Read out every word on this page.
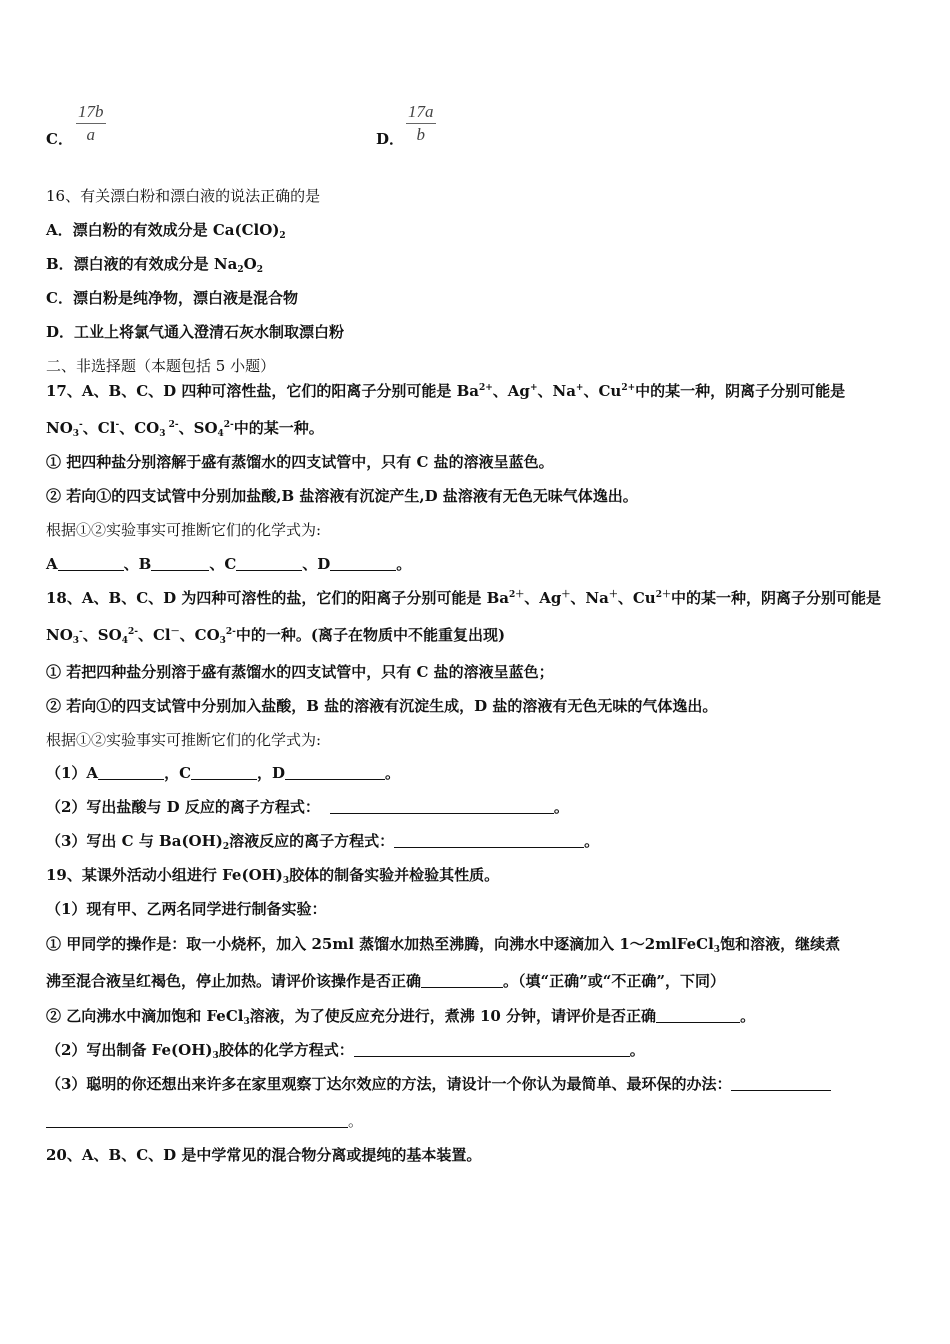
C． $\frac{17b}{a}$	D． $\frac{17a}{b}$
16、有关漂白粉和漂白液的说法正确的是
A．漂白粉的有效成分是 $Ca(ClO)_2$
B．漂白液的有效成分是 $Na_2O_2$
C．漂白粉是纯净物，漂白液是混合物
D．工业上将氯气通入澄清石灰水制取漂白粉
二、非选择题（本题包括 5 小题）
17、A、B、C、D 四种可溶性盐，它们的阳离子分别可能是 $Ba^{2+}$、Ag+、Na+、$Cu^{2+}$中的某一种，阴离子分别可能是
$NO_3^-$、Cl-、$CO_3$ $^{2-}$、$SO_4^{2-}$中的某一种。
① 把四种盐分别溶解于盛有蒸馏水的四支试管中，只有 C 盐的溶液呈蓝色。
② 若向①的四支试管中分别加盐酸,B 盐溶液有沉淀产生,D 盐溶液有无色无味气体逸出。
根据①②实验事实可推断它们的化学式为:
A	、B	、C	、D	。
18、A、B、C、D 为四种可溶性的盐，它们的阳离子分别可能是 $Ba^{2+}$、Ag＋、Na＋、$Cu^{2+}$中的某一种，阴离子分别可能是
$NO_3^-$、$SO_4^{2-}$、Cl－、$CO_3^{2-}$中的一种。(离子在物质中不能重复出现)
① 若把四种盐分别溶于盛有蒸馏水的四支试管中，只有 C 盐的溶液呈蓝色；
② 若向①的四支试管中分别加入盐酸，B 盐的溶液有沉淀生成，D 盐的溶液有无色无味的气体逸出。
根据①②实验事实可推断它们的化学式为:
（1）A	，C	，D	。
（2）写出盐酸与 D 反应的离子方程式：	。
（3）写出 C 与 $Ba(OH)_2$溶液反应的离子方程式：	。
19、某课外活动小组进行 $Fe(OH)_3$胶体的制备实验并检验其性质。
（1）现有甲、乙两名同学进行制备实验：
① 甲同学的操作是：取一小烧杯，加入 25ml 蒸馏水加热至沸腾，向沸水中逐滴加入 1～2mlFeCl$_3$饱和溶液，继续煮
沸至混合液呈红褐色，停止加热。请评价该操作是否正确	。（填“正确”或“不正确”，下同）
② 乙向沸水中滴加饱和 FeCl$_3$溶液，为了使反应充分进行，煮沸 10 分钟，请评价是否正确	。
（2）写出制备 $Fe(OH)_3$胶体的化学方程式：	。
（3）聪明的你还想出来许多在家里观察丁达尔效应的方法，请设计一个你认为最简单、最环保的办法：
。
20、A、B、C、D 是中学常见的混合物分离或提纯的基本装置。
